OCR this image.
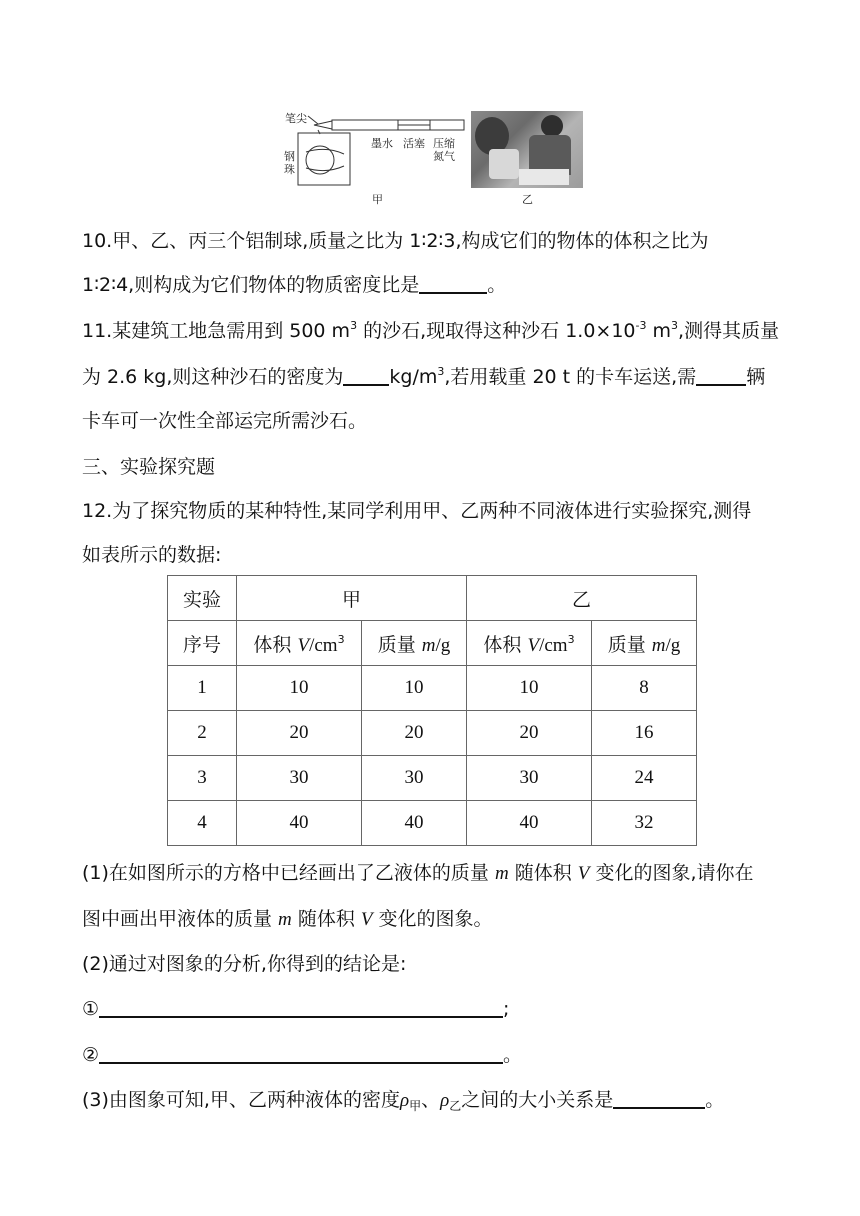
笔尖
钢
珠
墨水 活塞 压缩
氮气
甲	乙
10.甲、乙、丙三个铝制球,质量之比为 1∶2∶3,构成它们的物体的体积之比为
1∶2∶4,则构成为它们物体的物质密度比是	。
11.某建筑工地急需用到 500 $m^3$ 的沙石,现取得这种沙石 $1.0\times 10^{-3}$ $m^3$,测得其质量
为 2.6 kg,则这种沙石的密度为 $kg/m^3$,若用载重 20 t 的卡车运送,需	辆
卡车可一次性全部运完所需沙石。
三、实验探究题
12.为了探究物质的某种特性,某同学利用甲、乙两种不同液体进行实验探究,测得
如表所示的数据:
实验	甲		乙	
序号	体积 $V/cm^3$	质量 m/g	体积 $V/cm^3$	质量 m/g
1	10	10	10	8
2	20	20	20	16
3	30	30	30	24
4	40	40	40	32
(1)在如图所示的方格中已经画出了乙液体的质量 m 随体积 V 变化的图象,请你在
图中画出甲液体的质量 m 随体积 V 变化的图象。
(2)通过对图象的分析,你得到的结论是:
①	;
②	。
(3)由图象可知,甲、乙两种液体的密度$\rho_甲$、$\rho_乙$之间的大小关系是	。
